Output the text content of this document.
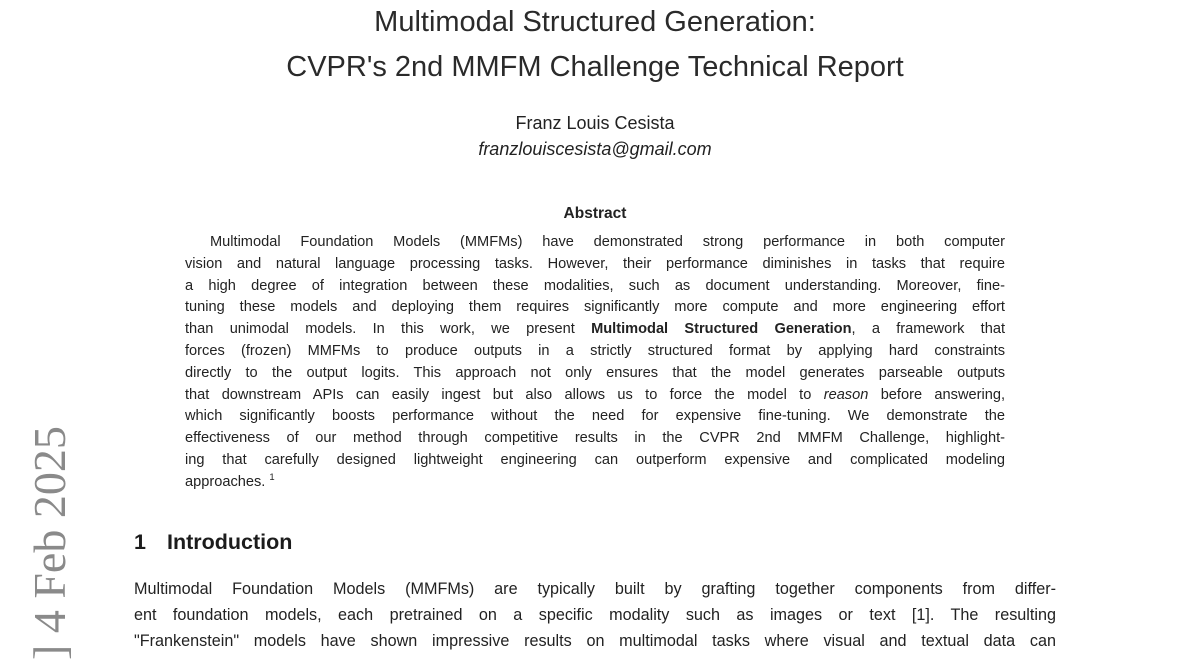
] 4 Feb 2025
Multimodal Structured Generation:
CVPR's 2nd MMFM Challenge Technical Report
Franz Louis Cesista
franzlouiscesista@gmail.com
Abstract
Multimodal Foundation Models (MMFMs) have demonstrated strong performance in both computer
vision and natural language processing tasks. However, their performance diminishes in tasks that require
a high degree of integration between these modalities, such as document understanding. Moreover, fine-
tuning these models and deploying them requires significantly more compute and more engineering effort
than unimodal models. In this work, we present Multimodal Structured Generation, a framework that
forces (frozen) MMFMs to produce outputs in a strictly structured format by applying hard constraints
directly to the output logits. This approach not only ensures that the model generates parseable outputs
that downstream APIs can easily ingest but also allows us to force the model to reason before answering,
which significantly boosts performance without the need for expensive fine-tuning. We demonstrate the
effectiveness of our method through competitive results in the CVPR 2nd MMFM Challenge, highlight-
ing that carefully designed lightweight engineering can outperform expensive and complicated modeling
approaches. $^1$
1 Introduction
Multimodal Foundation Models (MMFMs) are typically built by grafting together components from differ-
ent foundation models, each pretrained on a specific modality such as images or text [1]. The resulting
"Frankenstein" models have shown impressive results on multimodal tasks where visual and textual data can
